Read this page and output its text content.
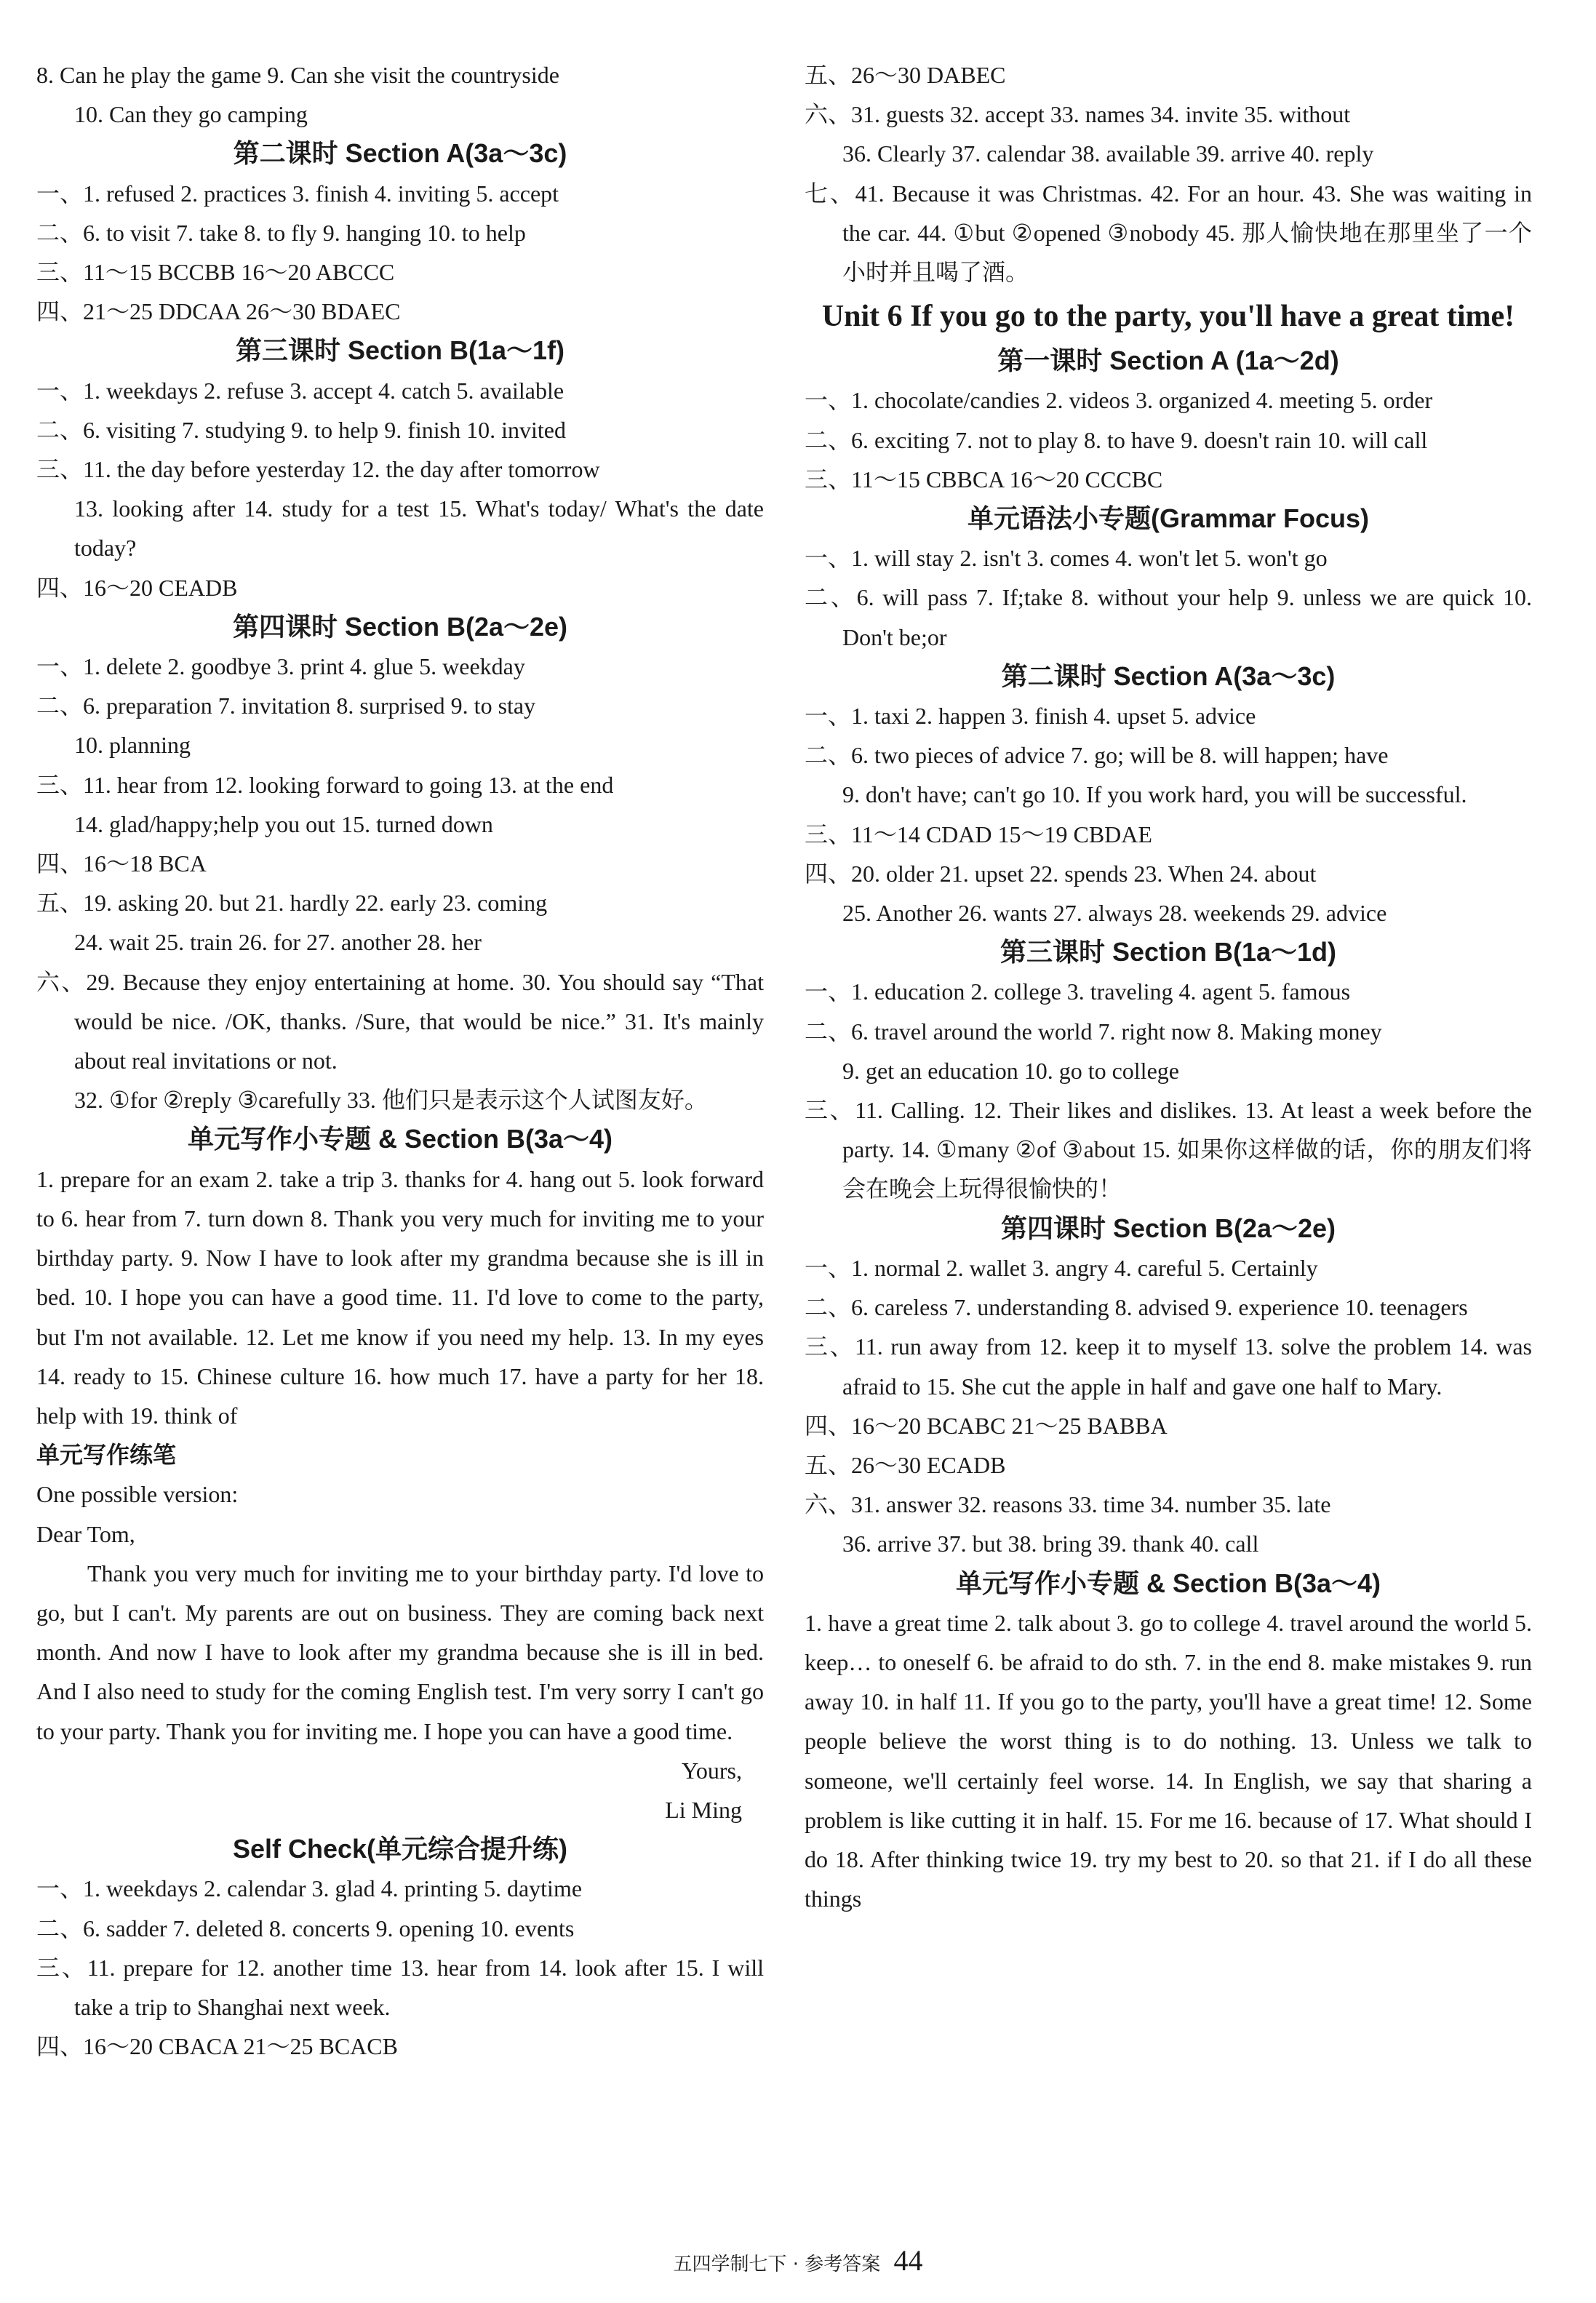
8. Can he play the game 9. Can she visit the countryside

10. Can they go camping

第二课时 Section A(3a～3c)

一、1. refused 2. practices 3. finish 4. inviting 5. accept

二、6. to visit 7. take 8. to fly 9. hanging 10. to help

三、11～15 BCCBB 16～20 ABCCC

四、21～25 DDCAA 26～30 BDAEC

第三课时 Section B(1a～1f)

一、1. weekdays 2. refuse 3. accept 4. catch 5. available

二、6. visiting 7. studying 9. to help 9. finish 10. invited

三、11. the day before yesterday 12. the day after tomorrow

13. looking after 14. study for a test 15. What's today/ What's the date today?

四、16～20 CEADB

第四课时 Section B(2a～2e)

一、1. delete 2. goodbye 3. print 4. glue 5. weekday

二、6. preparation 7. invitation 8. surprised 9. to stay

10. planning

三、11. hear from 12. looking forward to going 13. at the end

14. glad/happy;help you out 15. turned down

四、16～18 BCA

五、19. asking 20. but 21. hardly 22. early 23. coming

24. wait 25. train 26. for 27. another 28. her

六、29. Because they enjoy entertaining at home. 30. You should say “That would be nice. /OK, thanks. /Sure, that would be nice.” 31. It's mainly about real invitations or not.

32. ①for ②reply ③carefully 33. 他们只是表示这个人试图友好。

单元写作小专题 & Section B(3a～4)

1. prepare for an exam 2. take a trip 3. thanks for 4. hang out 5. look forward to 6. hear from 7. turn down 8. Thank you very much for inviting me to your birthday party. 9. Now I have to look after my grandma because she is ill in bed. 10. I hope you can have a good time. 11. I'd love to come to the party, but I'm not available. 12. Let me know if you need my help. 13. In my eyes 14. ready to 15. Chinese culture 16. how much 17. have a party for her 18. help with 19. think of

单元写作练笔

One possible version:

Dear Tom,

Thank you very much for inviting me to your birthday party. I'd love to go, but I can't. My parents are out on business. They are coming back next month. And now I have to look after my grandma because she is ill in bed. And I also need to study for the coming English test. I'm very sorry I can't go to your party. Thank you for inviting me. I hope you can have a good time.

Yours,

Li Ming

Self Check(单元综合提升练)

一、1. weekdays 2. calendar 3. glad 4. printing 5. daytime

二、6. sadder 7. deleted 8. concerts 9. opening 10. events

三、11. prepare for 12. another time 13. hear from 14. look after 15. I will take a trip to Shanghai next week.

四、16～20 CBACA 21～25 BCACB

五、26～30 DABEC

六、31. guests 32. accept 33. names 34. invite 35. without

36. Clearly 37. calendar 38. available 39. arrive 40. reply

七、41. Because it was Christmas. 42. For an hour. 43. She was waiting in the car. 44. ①but ②opened ③nobody 45. 那人愉快地在那里坐了一个小时并且喝了酒。

Unit 6 If you go to the party, you'll have a great time!

第一课时 Section A (1a～2d)

一、1. chocolate/candies 2. videos 3. organized 4. meeting 5. order

二、6. exciting 7. not to play 8. to have 9. doesn't rain 10. will call

三、11～15 CBBCA 16～20 CCCBC

单元语法小专题(Grammar Focus)

一、1. will stay 2. isn't 3. comes 4. won't let 5. won't go

二、6. will pass 7. If;take 8. without your help 9. unless we are quick 10. Don't be;or

第二课时 Section A(3a～3c)

一、1. taxi 2. happen 3. finish 4. upset 5. advice

二、6. two pieces of advice 7. go; will be 8. will happen; have

9. don't have; can't go 10. If you work hard, you will be successful.

三、11～14 CDAD 15～19 CBDAE

四、20. older 21. upset 22. spends 23. When 24. about

25. Another 26. wants 27. always 28. weekends 29. advice

第三课时 Section B(1a～1d)

一、1. education 2. college 3. traveling 4. agent 5. famous

二、6. travel around the world 7. right now 8. Making money

9. get an education 10. go to college

三、11. Calling. 12. Their likes and dislikes. 13. At least a week before the party. 14. ①many ②of ③about 15. 如果你这样做的话，你的朋友们将会在晚会上玩得很愉快的！

第四课时 Section B(2a～2e)

一、1. normal 2. wallet 3. angry 4. careful 5. Certainly

二、6. careless 7. understanding 8. advised 9. experience 10. teenagers

三、11. run away from 12. keep it to myself 13. solve the problem 14. was afraid to 15. She cut the apple in half and gave one half to Mary.

四、16～20 BCABC 21～25 BABBA

五、26～30 ECADB

六、31. answer 32. reasons 33. time 34. number 35. late

36. arrive 37. but 38. bring 39. thank 40. call

单元写作小专题 & Section B(3a～4)

1. have a great time 2. talk about 3. go to college 4. travel around the world 5. keep… to oneself 6. be afraid to do sth. 7. in the end 8. make mistakes 9. run away 10. in half 11. If you go to the party, you'll have a great time! 12. Some people believe the worst thing is to do nothing. 13. Unless we talk to someone, we'll certainly feel worse. 14. In English, we say that sharing a problem is like cutting it in half. 15. For me 16. because of 17. What should I do 18. After thinking twice 19. try my best to 20. so that 21. if I do all these things

五四学制七下 · 参考答案 44
